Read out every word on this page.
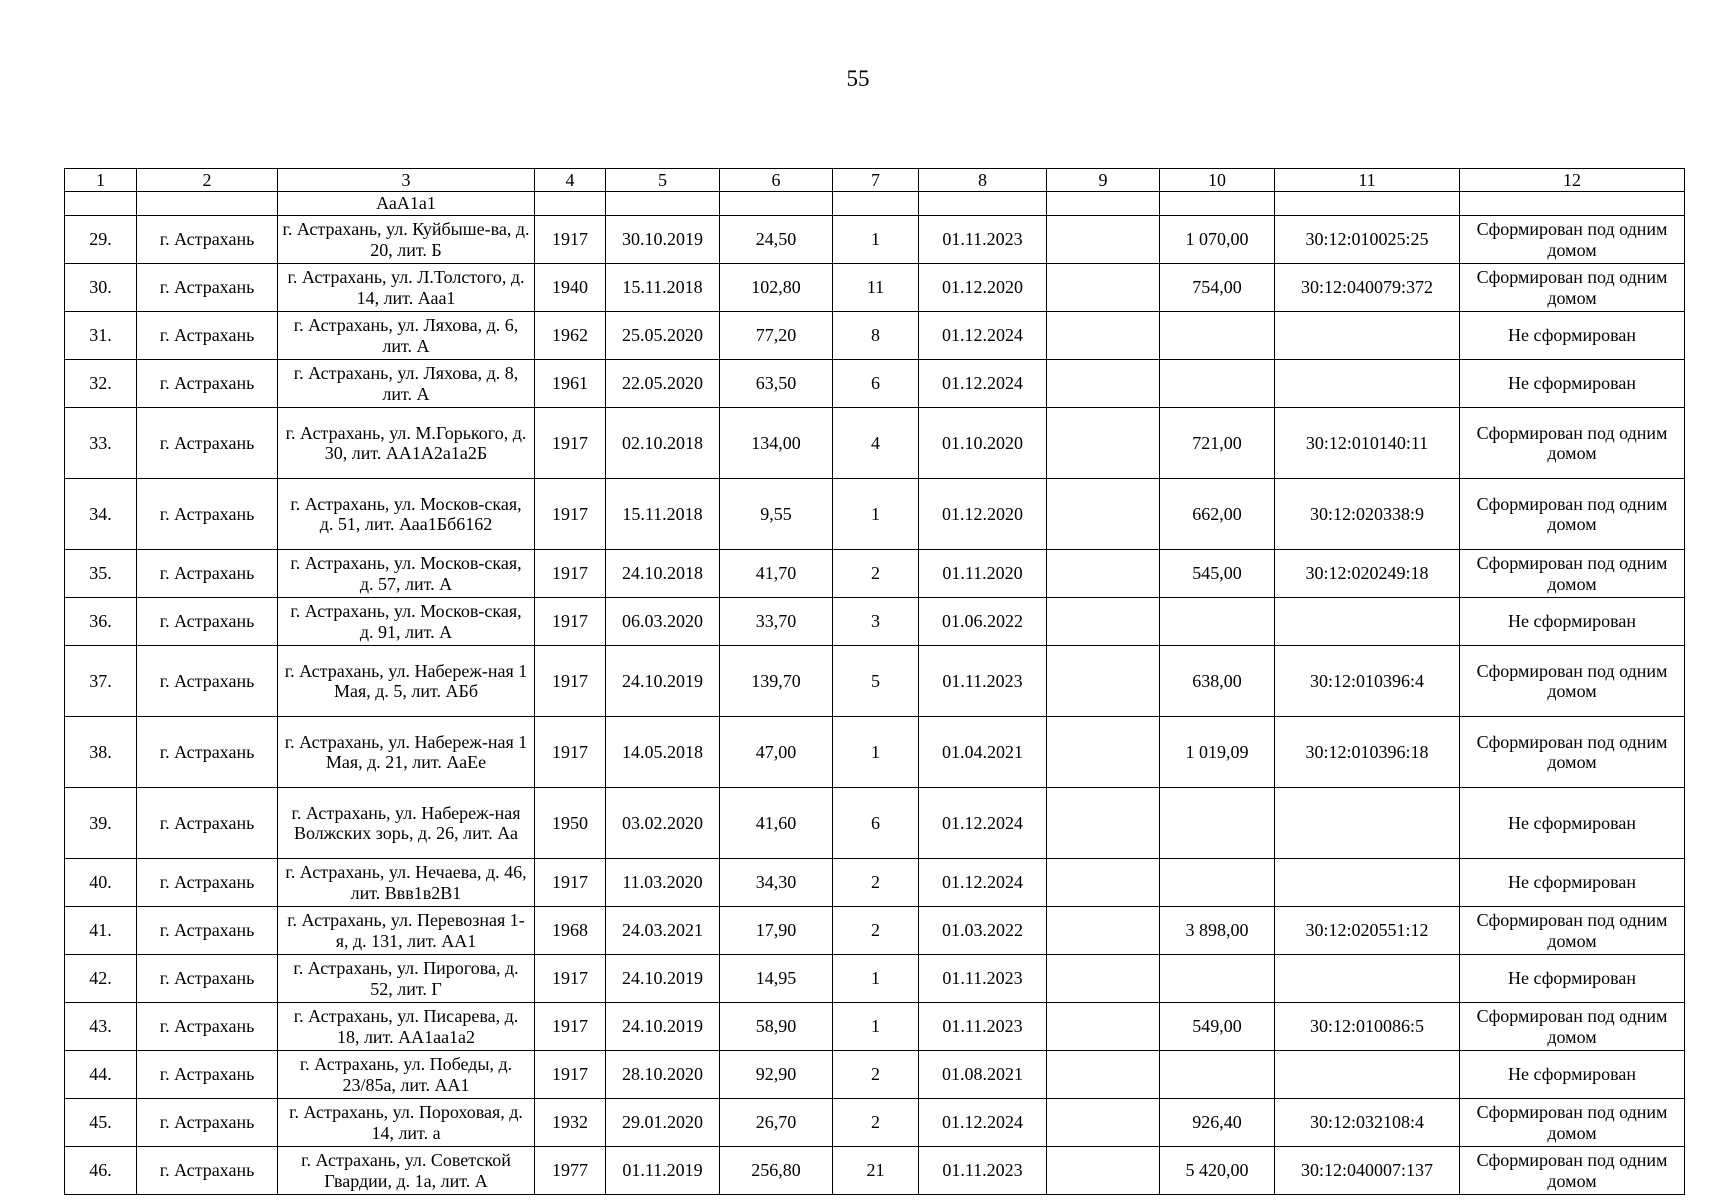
55
1	2	3	4	5	6	7	8	9	10	11	12
		АаА1а1									
29.	г. Астрахань	г. Астрахань, ул. Куйбыше-ва, д. 20, лит. Б	1917	30.10.2019	24,50	1	01.11.2023		1 070,00	30:12:010025:25	Сформирован под одним домом
30.	г. Астрахань	г. Астрахань, ул. Л.Толстого, д. 14, лит. Ааа1	1940	15.11.2018	102,80	11	01.12.2020		754,00	30:12:040079:372	Сформирован под одним домом
31.	г. Астрахань	г. Астрахань, ул. Ляхова, д. 6, лит. А	1962	25.05.2020	77,20	8	01.12.2024				Не сформирован
32.	г. Астрахань	г. Астрахань, ул. Ляхова, д. 8, лит. А	1961	22.05.2020	63,50	6	01.12.2024				Не сформирован
33.	г. Астрахань	г. Астрахань, ул. М.Горького, д. 30, лит. АА1А2а1а2Б	1917	02.10.2018	134,00	4	01.10.2020		721,00	30:12:010140:11	Сформирован под одним домом
34.	г. Астрахань	г. Астрахань, ул. Москов-ская, д. 51, лит. Ааа1Бб6162	1917	15.11.2018	9,55	1	01.12.2020		662,00	30:12:020338:9	Сформирован под одним домом
35.	г. Астрахань	г. Астрахань, ул. Москов-ская, д. 57, лит. А	1917	24.10.2018	41,70	2	01.11.2020		545,00	30:12:020249:18	Сформирован под одним домом
36.	г. Астрахань	г. Астрахань, ул. Москов-ская, д. 91, лит. А	1917	06.03.2020	33,70	3	01.06.2022				Не сформирован
37.	г. Астрахань	г. Астрахань, ул. Набереж-ная 1 Мая, д. 5, лит. АБб	1917	24.10.2019	139,70	5	01.11.2023		638,00	30:12:010396:4	Сформирован под одним домом
38.	г. Астрахань	г. Астрахань, ул. Набереж-ная 1 Мая, д. 21, лит. АаЕе	1917	14.05.2018	47,00	1	01.04.2021		1 019,09	30:12:010396:18	Сформирован под одним домом
39.	г. Астрахань	г. Астрахань, ул. Набереж-ная Волжских зорь, д. 26, лит. Аа	1950	03.02.2020	41,60	6	01.12.2024				Не сформирован
40.	г. Астрахань	г. Астрахань, ул. Нечаева, д. 46, лит. Ввв1в2В1	1917	11.03.2020	34,30	2	01.12.2024				Не сформирован
41.	г. Астрахань	г. Астрахань, ул. Перевозная 1-я, д. 131, лит. АА1	1968	24.03.2021	17,90	2	01.03.2022		3 898,00	30:12:020551:12	Сформирован под одним домом
42.	г. Астрахань	г. Астрахань, ул. Пирогова, д. 52, лит. Г	1917	24.10.2019	14,95	1	01.11.2023				Не сформирован
43.	г. Астрахань	г. Астрахань, ул. Писарева, д. 18, лит. АА1аа1а2	1917	24.10.2019	58,90	1	01.11.2023		549,00	30:12:010086:5	Сформирован под одним домом
44.	г. Астрахань	г. Астрахань, ул. Победы, д. 23/85а, лит. АА1	1917	28.10.2020	92,90	2	01.08.2021				Не сформирован
45.	г. Астрахань	г. Астрахань, ул. Пороховая, д. 14, лит. а	1932	29.01.2020	26,70	2	01.12.2024		926,40	30:12:032108:4	Сформирован под одним домом
46.	г. Астрахань	г. Астрахань, ул. Советской Гвардии, д. 1а, лит. А	1977	01.11.2019	256,80	21	01.11.2023		5 420,00	30:12:040007:137	Сформирован под одним домом
